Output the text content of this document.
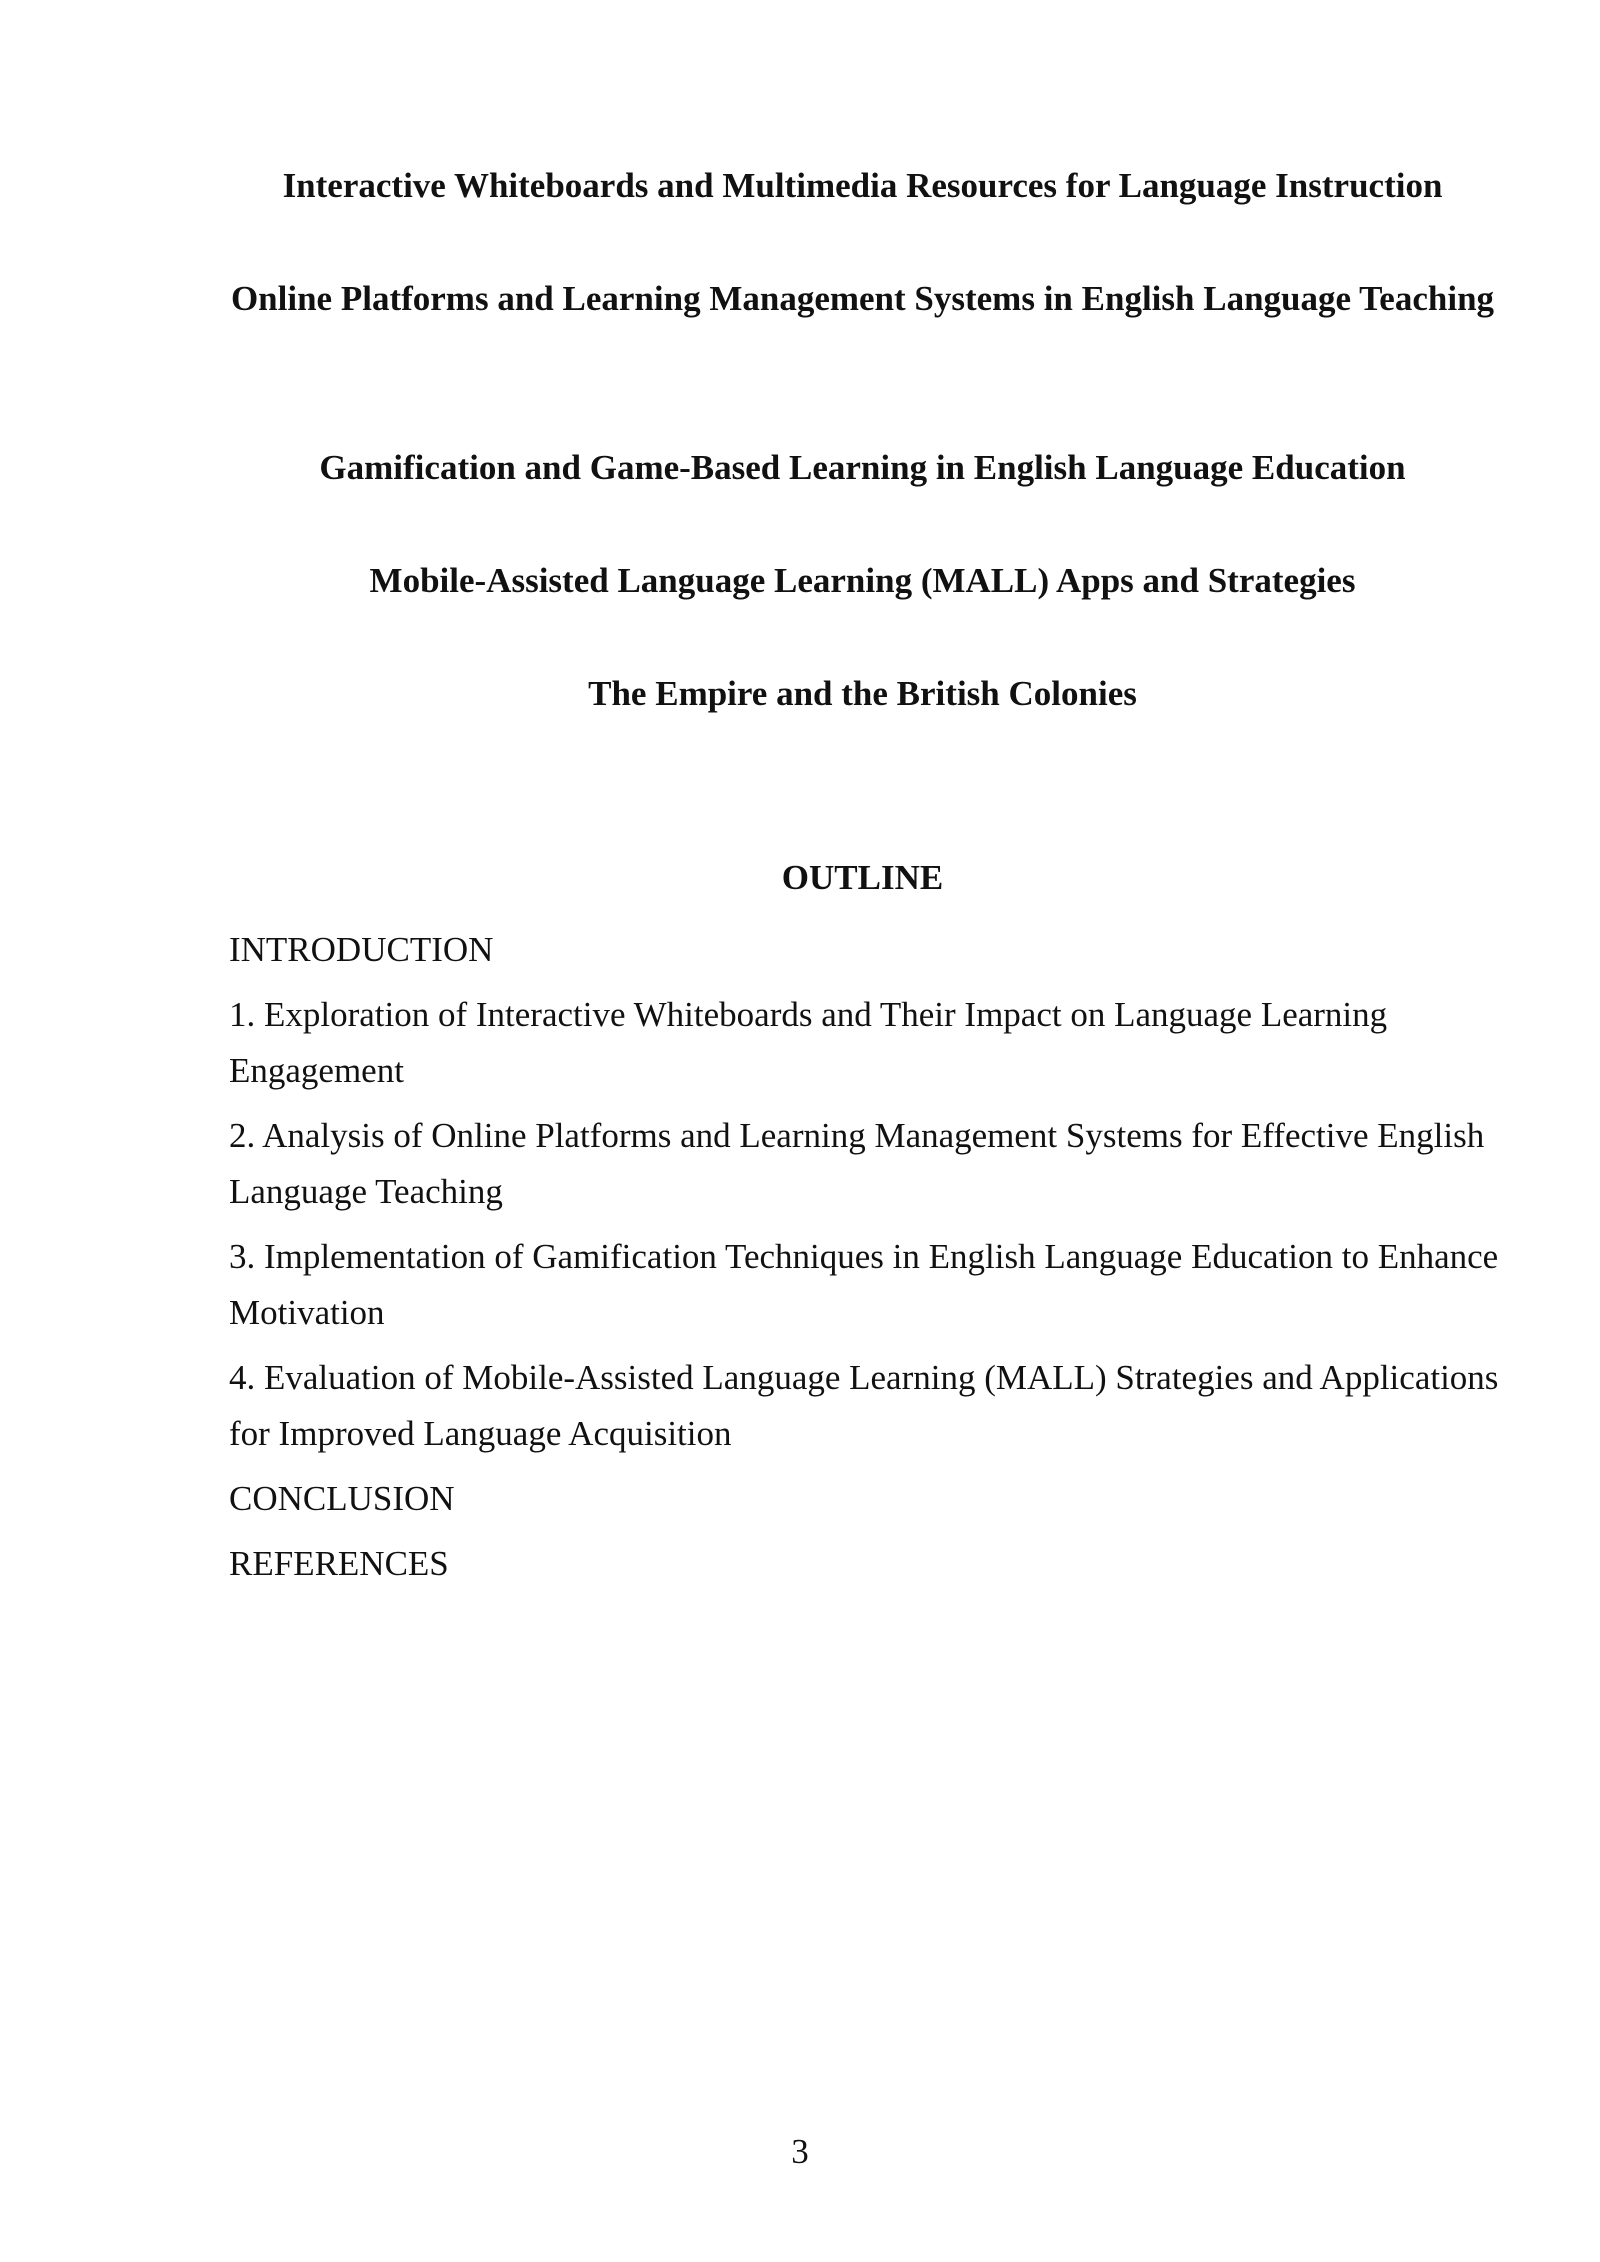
Interactive Whiteboards and Multimedia Resources for Language Instruction
Online Platforms and Learning Management Systems in English Language Teaching
Gamification and Game-Based Learning in English Language Education
Mobile-Assisted Language Learning (MALL) Apps and Strategies
The Empire and the British Colonies
OUTLINE
INTRODUCTION
1. Exploration of Interactive Whiteboards and Their Impact on Language Learning Engagement
2. Analysis of Online Platforms and Learning Management Systems for Effective English Language Teaching
3. Implementation of Gamification Techniques in English Language Education to Enhance Motivation
4. Evaluation of Mobile-Assisted Language Learning (MALL) Strategies and Applications for Improved Language Acquisition
CONCLUSION
REFERENCES
3
